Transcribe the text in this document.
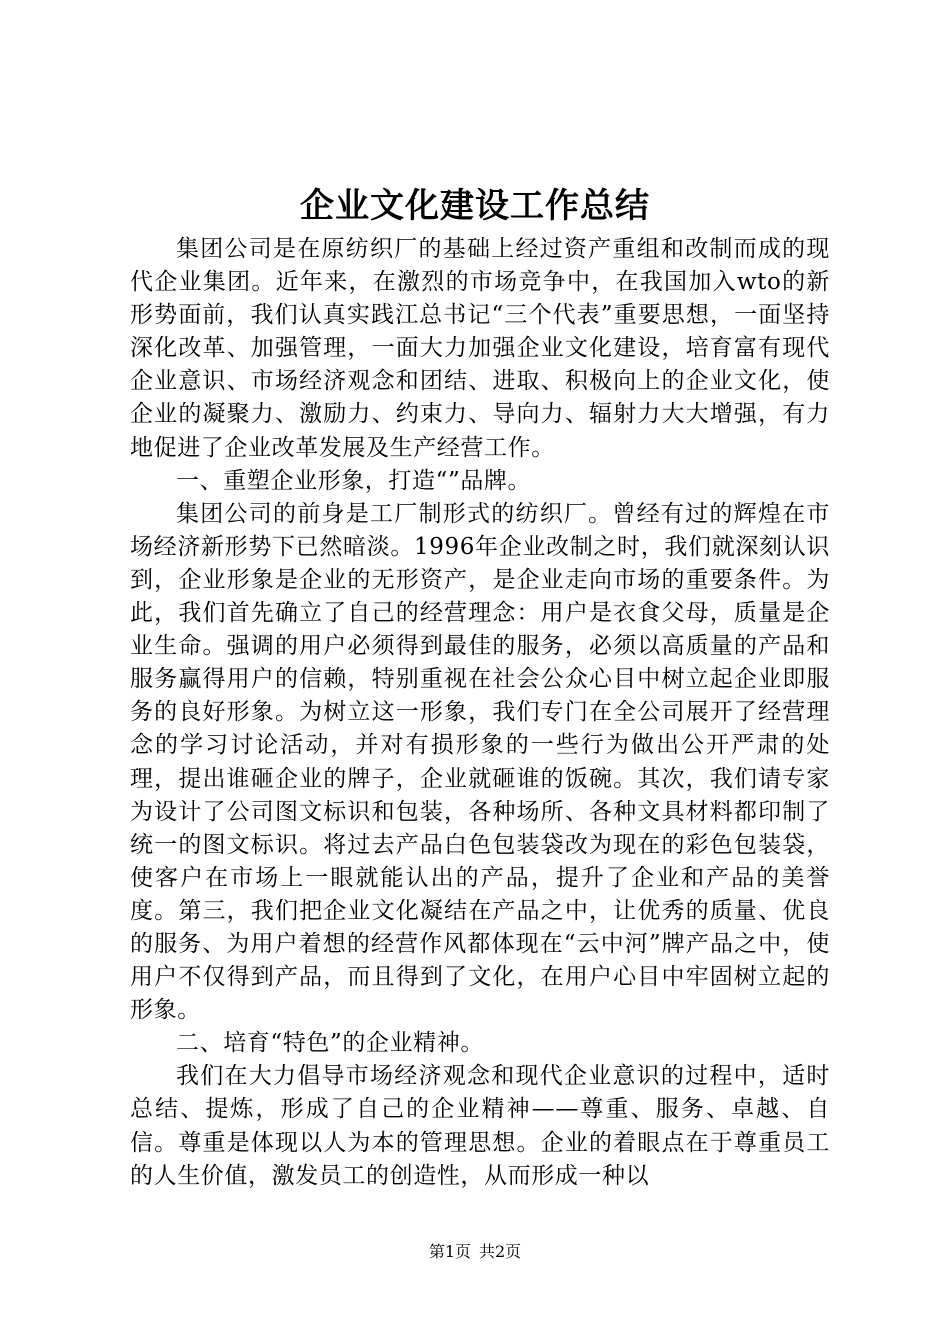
企业文化建设工作总结

集团公司是在原纺织厂的基础上经过资产重组和改制而成的现代企业集团。近年来，在激烈的市场竞争中，在我国加入wto的新形势面前，我们认真实践江总书记“三个代表”重要思想，一面坚持深化改革、加强管理，一面大力加强企业文化建设，培育富有现代企业意识、市场经济观念和团结、进取、积极向上的企业文化，使企业的凝聚力、激励力、约束力、导向力、辐射力大大增强，有力地促进了企业改革发展及生产经营工作。

一、重塑企业形象，打造“”品牌。

集团公司的前身是工厂制形式的纺织厂。曾经有过的辉煌在市场经济新形势下已然暗淡。1996年企业改制之时，我们就深刻认识到，企业形象是企业的无形资产，是企业走向市场的重要条件。为此，我们首先确立了自己的经营理念：用户是衣食父母，质量是企业生命。强调的用户必须得到最佳的服务，必须以高质量的产品和服务赢得用户的信赖，特别重视在社会公众心目中树立起企业即服务的良好形象。为树立这一形象，我们专门在全公司展开了经营理念的学习讨论活动，并对有损形象的一些行为做出公开严肃的处理，提出谁砸企业的牌子，企业就砸谁的饭碗。其次，我们请专家为设计了公司图文标识和包装，各种场所、各种文具材料都印制了统一的图文标识。将过去产品白色包装袋改为现在的彩色包装袋，使客户在市场上一眼就能认出的产品，提升了企业和产品的美誉度。第三，我们把企业文化凝结在产品之中，让优秀的质量、优良的服务、为用户着想的经营作风都体现在“云中河”牌产品之中，使用户不仅得到产品，而且得到了文化，在用户心目中牢固树立起的形象。

二、培育“特色”的企业精神。

我们在大力倡导市场经济观念和现代企业意识的过程中，适时总结、提炼，形成了自己的企业精神——尊重、服务、卓越、自信。尊重是体现以人为本的管理思想。企业的着眼点在于尊重员工的人生价值，激发员工的创造性，从而形成一种以

第1页 共2页
